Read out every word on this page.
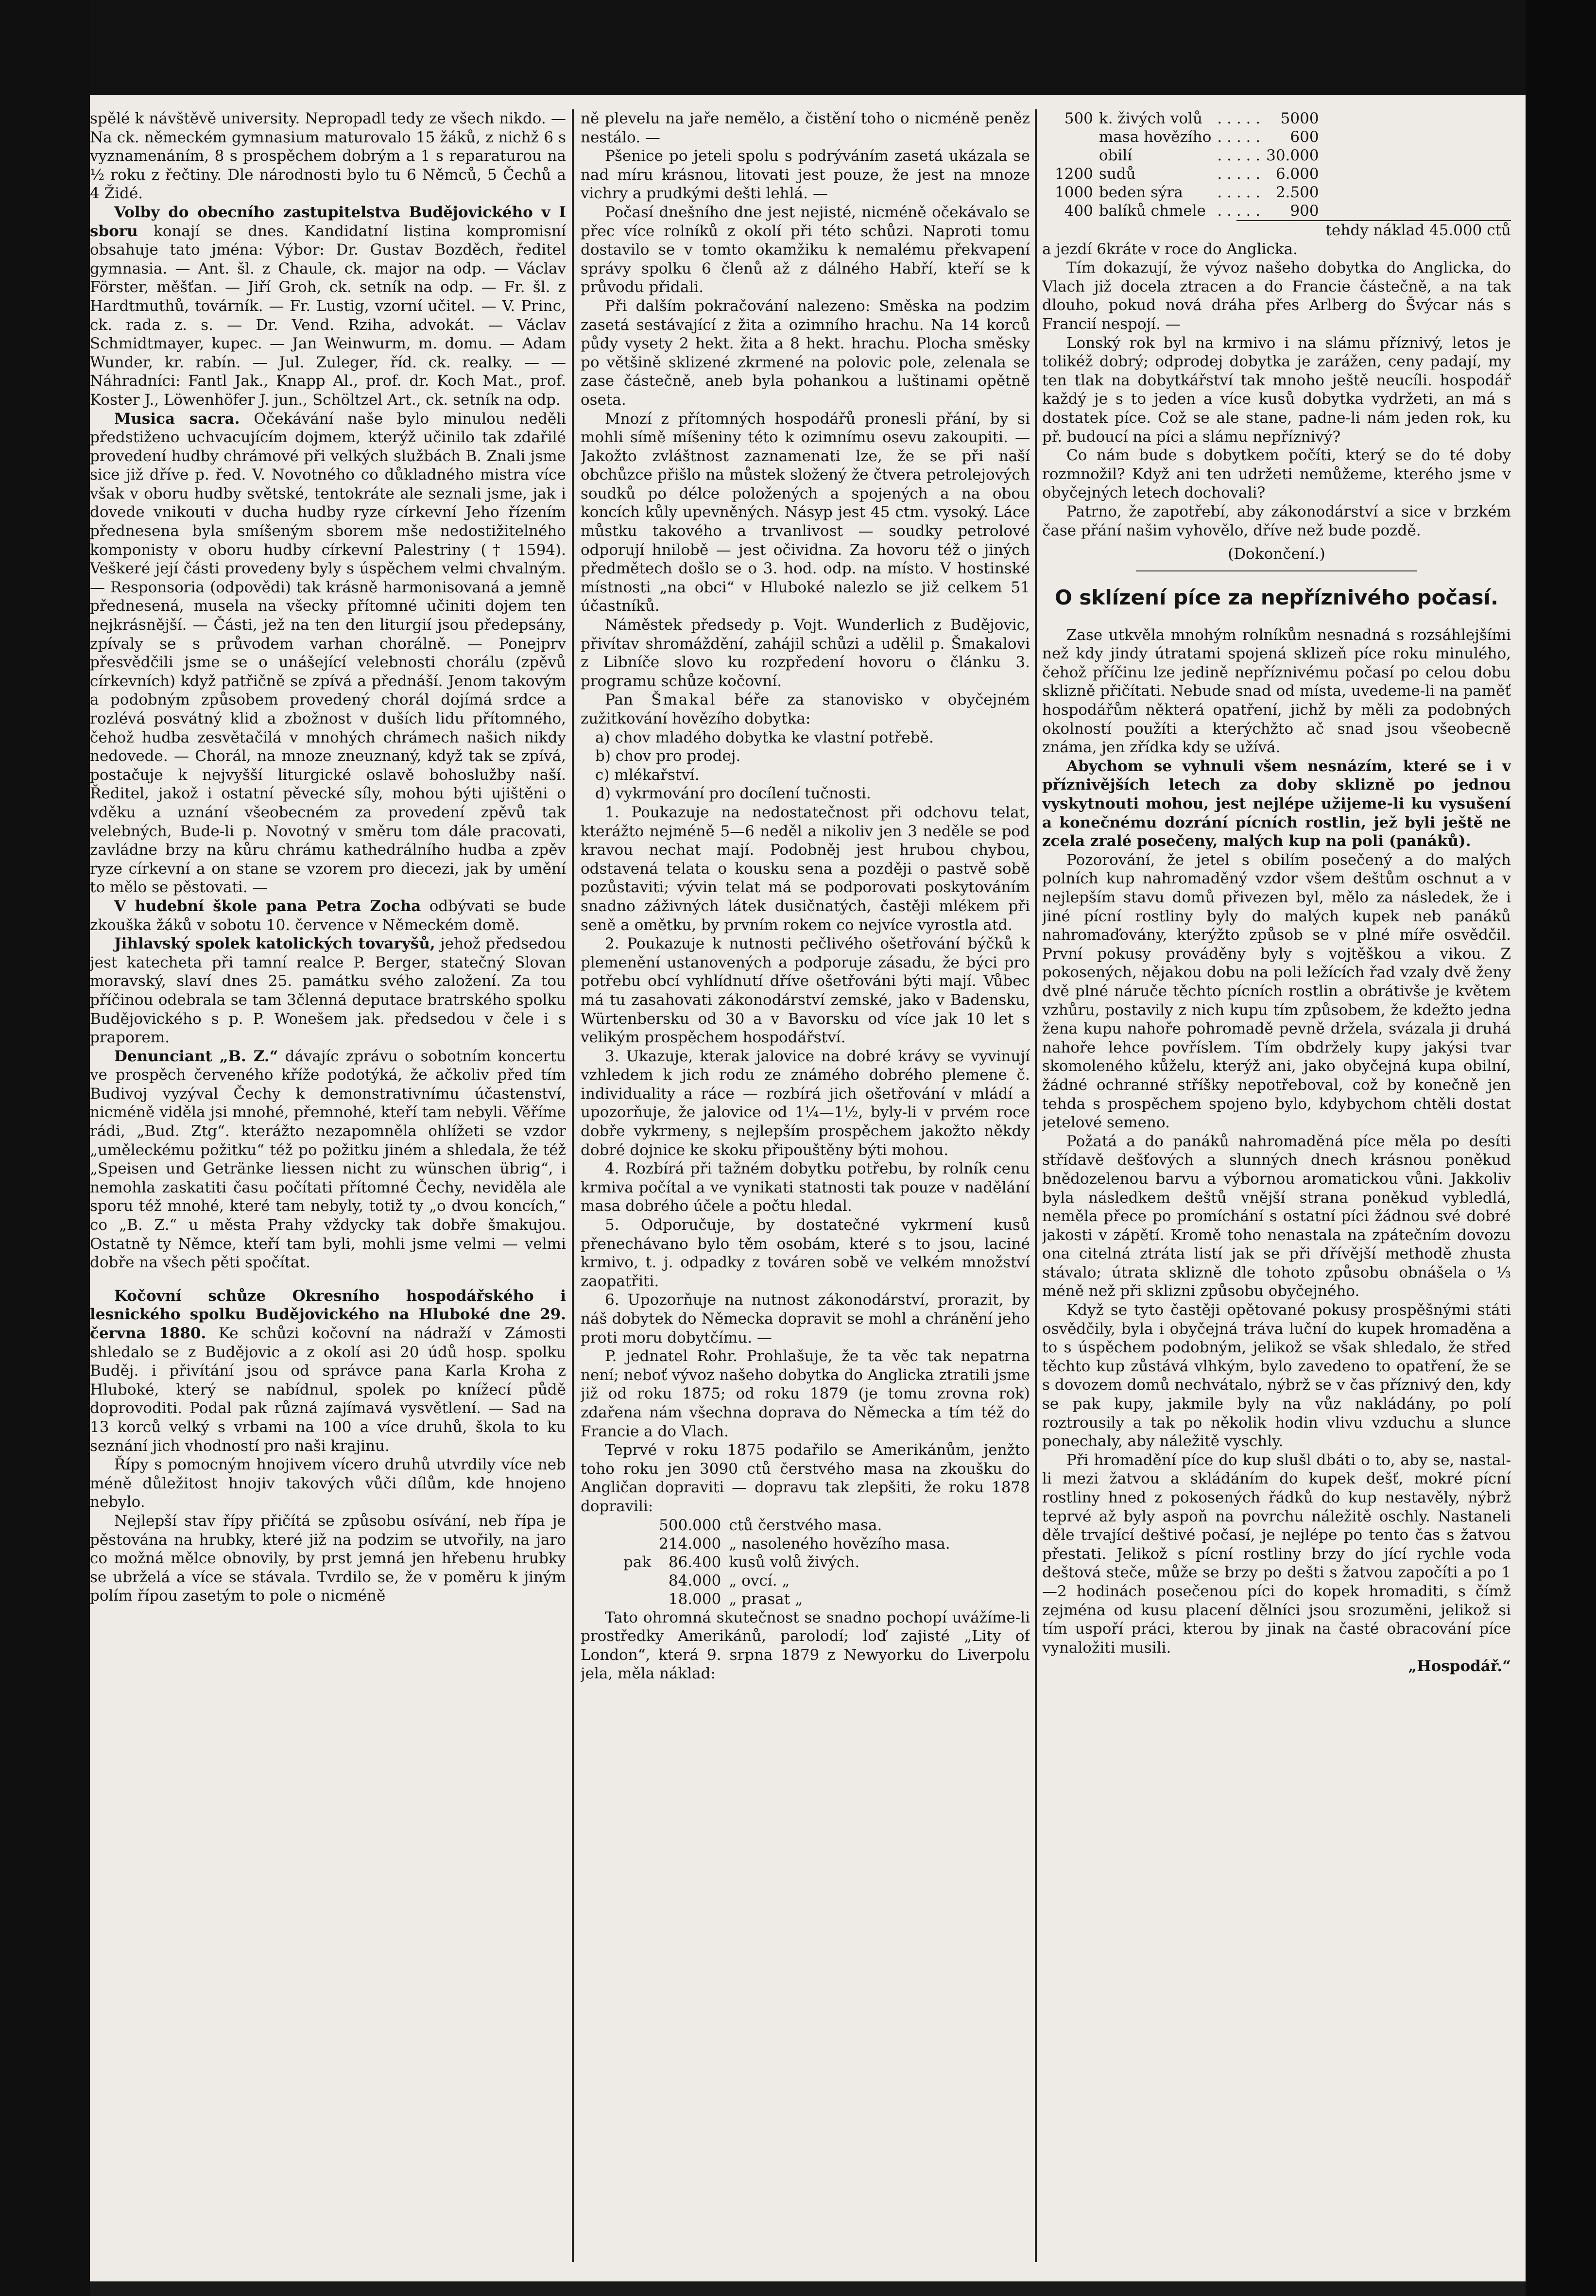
spělé k návštěvě university. Nepropadl tedy ze všech nikdo. — Na ck. německém gymnasium maturovalo 15 žáků, z nichž 6 s vyznamenáním, 8 s prospěchem dobrým a 1 s reparaturou na ½ roku z řečtiny. Dle národnosti bylo tu 6 Němců, 5 Čechů a 4 Židé.

Volby do obecního zastupitelstva Budějovického v I sboru konají se dnes. Kandidatní listina kompromisní obsahuje tato jména: Výbor: Dr. Gustav Bozděch, ředitel gymnasia. — Ant. šl. z Chaule, ck. major na odp. — Václav Förster, měšťan. — Jiří Groh, ck. setník na odp. — Fr. šl. z Hardtmuthů, továrník. — Fr. Lustig, vzorní učitel. — V. Princ, ck. rada z. s. — Dr. Vend. Rziha, advokát. — Václav Schmidtmayer, kupec. — Jan Weinwurm, m. domu. — Adam Wunder, kr. rabín. — Jul. Zuleger, říd. ck. realky. — — Náhradníci: Fantl Jak., Knapp Al., prof. dr. Koch Mat., prof. Koster J., Löwenhöfer J. jun., Schöltzel Art., ck. setník na odp.

Musica sacra. Očekávání naše bylo minulou neděli předstiženo uchvacujícím dojmem, kterýž učinilo tak zdařilé provedení hudby chrámové při velkých službách B. Znali jsme sice již dříve p. řed. V. Novotného co důkladného mistra více však v oboru hudby světské, tentokráte ale seznali jsme, jak i dovede vnikouti v ducha hudby ryze církevní Jeho řízením přednesena byla smíšeným sborem mše nedostižitelného komponisty v oboru hudby církevní Palestriny († 1594). Veškeré její části provedeny byly s úspěchem velmi chvalným. — Responsoria (odpovědi) tak krásně harmonisovaná a jemně přednesená, musela na všecky přítomné učiniti dojem ten nejkrásnější. — Části, jež na ten den liturgií jsou předepsány, zpívaly se s průvodem varhan chorálně. — Ponejprv přesvědčili jsme se o unášející velebnosti chorálu (zpěvů církevních) když patřičně se zpívá a přednáší. Jenom takovým a podobným způsobem provedený chorál dojímá srdce a rozlévá posvátný klid a zbožnost v duších lidu přítomného, čehož hudba zesvětačilá v mnohých chrámech našich nikdy nedovede. — Chorál, na mnoze zneuznaný, když tak se zpívá, postačuje k nejvyšší liturgické oslavě bohoslužby naší. Ředitel, jakož i ostatní pěvecké síly, mohou býti ujištěni o vděku a uznání všeobecném za provedení zpěvů tak velebných, Bude-li p. Novotný v směru tom dále pracovati, zavládne brzy na kůru chrámu kathedrálního hudba a zpěv ryze církevní a on stane se vzorem pro diecezi, jak by umění to mělo se pěstovati. —

V hudební škole pana Petra Zocha odbývati se bude zkouška žáků v sobotu 10. července v Německém domě.

Jihlavský spolek katolických tovaryšů, jehož předsedou jest katecheta při tamní realce P. Berger, statečný Slovan moravský, slaví dnes 25. památku svého založení. Za tou příčinou odebrala se tam 3členná deputace bratrského spolku Budějovického s p. P. Wonešem jak. předsedou v čele i s praporem.

Denunciant „B. Z.“ dávajíc zprávu o sobotním koncertu ve prospěch červeného kříže podotýká, že ačkoliv před tím Budivoj vyzýval Čechy k demonstrativnímu účastenství, nicméně viděla jsi mnohé, přemnohé, kteří tam nebyli. Věříme rádi, „Bud. Ztg“. kterážto nezapomněla ohlížeti se vzdor „uměleckému požitku“ též po požitku jiném a shledala, že též „Speisen und Getränke liessen nicht zu wünschen übrig“, i nemohla zaskatiti času počítati přítomné Čechy, neviděla ale sporu též mnohé, které tam nebyly, totiž ty „o dvou koncích,“ co „B. Z.“ u města Prahy vždycky tak dobře šmakujou. Ostatně ty Němce, kteří tam byli, mohli jsme velmi — velmi dobře na všech pěti spočítat.

Kočovní schůze Okresního hospodářského i lesnického spolku Budějovického na Hluboké dne 29. června 1880. Ke schůzi kočovní na nádraží v Zámosti shledalo se z Budějovic a z okolí asi 20 údů hosp. spolku Buděj. i přivítání jsou od správce pana Karla Kroha z Hluboké, který se nabídnul, spolek po knížecí půdě doprovoditi. Podal pak různá zajímavá vysvětlení. — Sad na 13 korců velký s vrbami na 100 a více druhů, škola to ku seznání jich vhodností pro naši krajinu.

Řípy s pomocným hnojivem vícero druhů utvrdily více neb méně důležitost hnojiv takových vůči dílům, kde hnojeno nebylo.

Nejlepší stav řípy přičítá se způsobu osívání, neb řípa je pěstována na hrubky, které již na podzim se utvořily, na jaro co možná mělce obnovily, by prst jemná jen hřebenu hrubky se ubrželá a více se stávala. Tvrdilo se, že v poměru k jiným polím řípou zasetým to pole o nicméně

ně plevelu na jaře nemělo, a čistění toho o nicméně peněz nestálo. —

Pšenice po jeteli spolu s podrýváním zasetá ukázala se nad míru krásnou, litovati jest pouze, že jest na mnoze vichry a prudkými dešti lehlá. —

Počasí dnešního dne jest nejisté, nicméně očekávalo se přec více rolníků z okolí při této schůzi. Naproti tomu dostavilo se v tomto okamžiku k nemalému překvapení správy spolku 6 členů až z dálného Habří, kteří se k průvodu přidali.

Při dalším pokračování nalezeno: Směska na podzim zasetá sestávající z žita a ozimního hrachu. Na 14 korců půdy vysety 2 hekt. žita a 8 hekt. hrachu. Plocha směsky po většině sklizené zkrmené na polovic pole, zelenala se zase částečně, aneb byla pohankou a luštinami opětně oseta.

Mnozí z přítomných hospodářů pronesli přání, by si mohli símě míšeniny této k ozimnímu osevu zakoupiti. — Jakožto zvláštnost zaznamenati lze, že se při naší obchůzce přišlo na můstek složený že čtvera petrolejových soudků po délce položených a spojených a na obou koncích kůly upevněných. Násyp jest 45 ctm. vysoký. Láce můstku takového a trvanlivost — soudky petrolové odporují hnilobě — jest očividna. Za hovoru též o jiných předmětech došlo se o 3. hod. odp. na místo. V hostinské místnosti „na obci“ v Hluboké nalezlo se již celkem 51 účastníků.

Náměstek předsedy p. Vojt. Wunderlich z Budějovic, přivítav shromáždění, zahájil schůzi a udělil p. Šmakalovi z Libníče slovo ku rozpředení hovoru o článku 3. programu schůze kočovní.

Pan Šmakal béře za stanovisko v obyčejném zužitkování hovězího dobytka:

a) chov mladého dobytka ke vlastní potřebě.

b) chov pro prodej.

c) mlékařství.

d) vykrmování pro docílení tučnosti.

1. Poukazuje na nedostatečnost při odchovu telat, kterážto nejméně 5—6 neděl a nikoliv jen 3 neděle se pod kravou nechat mají. Podobněj jest hrubou chybou, odstavená telata o kousku sena a později o pastvě sobě pozůstaviti; vývin telat má se podporovati poskytováním snadno záživných látek dusičnatých, častěji mlékem při seně a omětku, by prvním rokem co nejvíce vyrostla atd.

2. Poukazuje k nutnosti pečlivého ošetřování býčků k plemenění ustanovených a podporuje zásadu, že býci pro potřebu obcí vyhlídnutí dříve ošetřováni býti mají. Vůbec má tu zasahovati zákonodárství zemské, jako v Badensku, Würtenbersku od 30 a v Bavorsku od více jak 10 let s velikým prospěchem hospodářství.

3. Ukazuje, kterak jalovice na dobré krávy se vyvinují vzhledem k jich rodu ze známého dobrého plemene č. individuality a ráce — rozbírá jich ošetřování v mládí a upozorňuje, že jalovice od 1¼—1½, byly-li v prvém roce dobře vykrmeny, s nejlepším prospěchem jakožto někdy dobré dojnice ke skoku připouštěny býti mohou.

4. Rozbírá při tažném dobytku potřebu, by rolník cenu krmiva počítal a ve vynikati statnosti tak pouze v nadělání masa dobrého účele a počtu hledal.

5. Odporučuje, by dostatečné vykrmení kusů přenechávano bylo těm osobám, které s to jsou, laciné krmivo, t. j. odpadky z továren sobě ve velkém množství zaopatřiti.

6. Upozorňuje na nutnost zákonodárství, prorazit, by náš dobytek do Německa dopravit se mohl a chránění jeho proti moru dobytčímu. —

P. jednatel Rohr. Prohlašuje, že ta věc tak nepatrna není; neboť vývoz našeho dobytka do Anglicka ztratili jsme již od roku 1875; od roku 1879 (je tomu zrovna rok) zdařena nám všechna doprava do Německa a tím též do Francie a do Vlach.

Teprvé v roku 1875 podařilo se Amerikánům, jenžto toho roku jen 3090 ctů čerstvého masa na zkoušku do Angličan dopraviti — dopravu tak zlepšiti, že roku 1878 dopravili:

	500.000	ctů čerstvého masa.
	214.000	„ nasoleného hovězího masa.
pak	86.400	kusů volů živých.
	84.000	„ ovcí. „
	18.000	„ prasat „

Tato ohromná skutečnost se snadno pochopí uvážíme-li prostředky Amerikánů, parolodí; loď zajisté „Lity of London“, která 9. srpna 1879 z Newyorku do Liverpolu jela, měla náklad:

500	k. živých volů	. . . . .	5000
	masa hovězího	. . . . .	600
	obilí	. . . . .	30.000
1200	sudů	. . . . .	6.000
1000	beden sýra	. . . . .	2.500
400	balíků chmele	. . . . .	900

tehdy náklad 45.000 ctů

a jezdí 6kráte v roce do Anglicka.

Tím dokazují, že vývoz našeho dobytka do Anglicka, do Vlach již docela ztracen a do Francie částečně, a na tak dlouho, pokud nová dráha přes Arlberg do Švýcar nás s Francií nespojí. —

Lonský rok byl na krmivo i na slámu příznivý, letos je tolikéž dobrý; odprodej dobytka je zarážen, ceny padají, my ten tlak na dobytkářství tak mnoho ještě neucíli. hospodář každý je s to jeden a více kusů dobytka vydržeti, an má s dostatek píce. Což se ale stane, padne-li nám jeden rok, ku př. budoucí na píci a slámu nepříznivý?

Co nám bude s dobytkem počíti, který se do té doby rozmnožil? Když ani ten udržeti nemůžeme, kterého jsme v obyčejných letech dochovali?

Patrno, že zapotřebí, aby zákonodárství a sice v brzkém čase přání našim vyhovělo, dříve než bude pozdě.

(Dokončení.)

O sklízení píce za nepříznivého počasí.

Zase utkvěla mnohým rolníkům nesnadná s rozsáhlejšími než kdy jindy útratami spojená sklizeň píce roku minulého, čehož příčinu lze jedině nepříznivému počasí po celou dobu sklizně přičítati. Nebude snad od místa, uvedeme-li na paměť hospodářům některá opatření, jichž by měli za podobných okolností použíti a kterýchžto ač snad jsou všeobecně známa, jen zřídka kdy se užívá.

Abychom se vyhnuli všem nesnázím, které se i v příznivějších letech za doby sklizně po jednou vyskytnouti mohou, jest nejlépe užijeme-li ku vysušení a konečnému dozrání pícních rostlin, jež byli ještě ne zcela zralé posečeny, malých kup na poli (panáků).

Pozorování, že jetel s obilím posečený a do malých polních kup nahromaděný vzdor všem deštům oschnut a v nejlepším stavu domů přivezen byl, mělo za následek, že i jiné pícní rostliny byly do malých kupek neb panáků nahromaďovány, kterýžto způsob se v plné míře osvědčil. První pokusy prováděny byly s vojtěškou a vikou. Z pokosených, nějakou dobu na poli ležících řad vzaly dvě ženy dvě plné náruče těchto pícních rostlin a obrátivše je květem vzhůru, postavily z nich kupu tím způsobem, že kdežto jedna žena kupu nahoře pohromadě pevně držela, svázala ji druhá nahoře lehce povříslem. Tím obdržely kupy jakýsi tvar skomoleného kůželu, kterýž ani, jako obyčejná kupa obilní, žádné ochranné stříšky nepotřeboval, což by konečně jen tehda s prospěchem spojeno bylo, kdybychom chtěli dostat jetelové semeno.

Požatá a do panáků nahromaděná píce měla po desíti střídavě dešťových a slunných dnech krásnou poněkud bnědozelenou barvu a výbornou aromatickou vůni. Jakkoliv byla následkem deštů vnější strana poněkud vybledlá, neměla přece po promíchání s ostatní píci žádnou své dobré jakosti v zápětí. Kromě toho nenastala na zpátečním dovozu ona citelná ztráta listí jak se při dřívější methodě zhusta stávalo; útrata sklizně dle tohoto způsobu obnášela o ⅓ méně než při sklizni způsobu obyčejného.

Když se tyto častěji opětované pokusy prospěšnými státi osvědčily, byla i obyčejná tráva luční do kupek hromaděna a to s úspěchem podobným, jelikož se však shledalo, že střed těchto kup zůstává vlhkým, bylo zavedeno to opatření, že se s dovozem domů nechvátalo, nýbrž se v čas příznivý den, kdy se pak kupy, jakmile byly na vůz nakládány, po polí roztrousily a tak po několik hodin vlivu vzduchu a slunce ponechaly, aby náležitě vyschly.

Při hromadění píce do kup slušl dbáti o to, aby se, nastal-li mezi žatvou a skládáním do kupek dešť, mokré pícní rostliny hned z pokosených řádků do kup nestavěly, nýbrž teprvé až byly aspoň na povrchu náležitě oschly. Nastaneli děle trvající deštivé počasí, je nejlépe po tento čas s žatvou přestati. Jelikož s pícní rostliny brzy do jící rychle voda deštová steče, může se brzy po dešti s žatvou započíti a po 1—2 hodinách posečenou píci do kopek hromaditi, s čímž zejména od kusu placení dělníci jsou srozuměni, jelikož si tím uspoří práci, kterou by jinak na časté obracování píce vynaložiti musili.

„Hospodář.“
